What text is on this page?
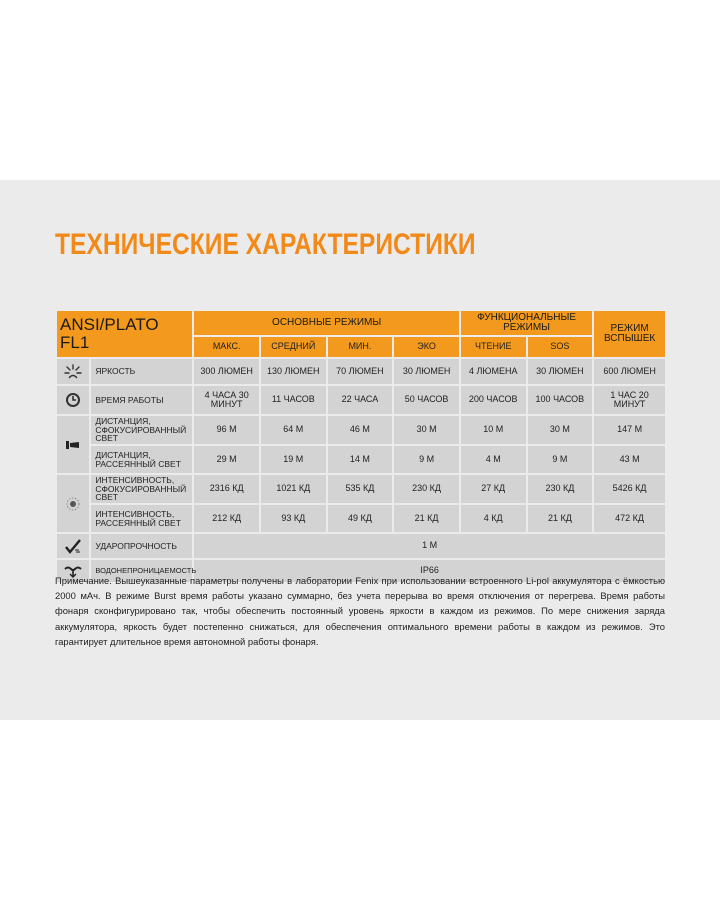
ТЕХНИЧЕСКИЕ ХАРАКТЕРИСТИКИ
ANSI/PLATO FL1		ОСНОВНЫЕ РЕЖИМЫ				ФУНКЦИОНАЛЬНЫЕ РЕЖИМЫ		РЕЖИМ ВСПЫШЕК
		МАКС.	СРЕДНИЙ	МИН.	ЭКО	ЧТЕНИЕ	SOS	

	ЯРКОСТЬ	300 ЛЮМЕН	130 ЛЮМЕН	70 ЛЮМЕН	30 ЛЮМЕН	4 ЛЮМЕНА	30 ЛЮМЕН	600 ЛЮМЕН

	ВРЕМЯ РАБОТЫ	4 ЧАСА 30 МИНУТ	11 ЧАСОВ	22 ЧАСА	50 ЧАСОВ	200 ЧАСОВ	100 ЧАСОВ	1 ЧАС 20 МИНУТ

	ДИСТАНЦИЯ, СФОКУСИРОВАННЫЙ СВЕТ	96 М	64 М	46 М	30 М	10 М	30 М	147 М
	ДИСТАНЦИЯ, РАССЕЯННЫЙ СВЕТ	29 М	19 М	14 М	9 М	4 М	9 М	43 М

	ИНТЕНСИВНОСТЬ, СФОКУСИРОВАННЫЙ СВЕТ	2316 КД	1021 КД	535 КД	230 КД	27 КД	230 КД	5426 КД
	ИНТЕНСИВНОСТЬ, РАССЕЯННЫЙ СВЕТ	212 КД	93 КД	49 КД	21 КД	4 КД	21 КД	472 КД

	УДАРОПРОЧНОСТЬ	1 М						

	ВОДОНЕПРОНИЦАЕМОСТЬ	IP66						
Примечание. Вышеуказанные параметры получены в лаборатории Fenix при использовании встроенного Li-pol аккумулятора с ёмкостью 2000 мАч. В режиме Burst время работы указано суммарно, без учета перерыва во время отключения от перегрева. Время работы фонаря сконфигурировано так, чтобы обеспечить постоянный уровень яркости в каждом из режимов. По мере снижения заряда аккумулятора, яркость будет постепенно снижаться, для обеспечения оптимального времени работы в каждом из режимов. Это гарантирует длительное время автономной работы фонаря.
